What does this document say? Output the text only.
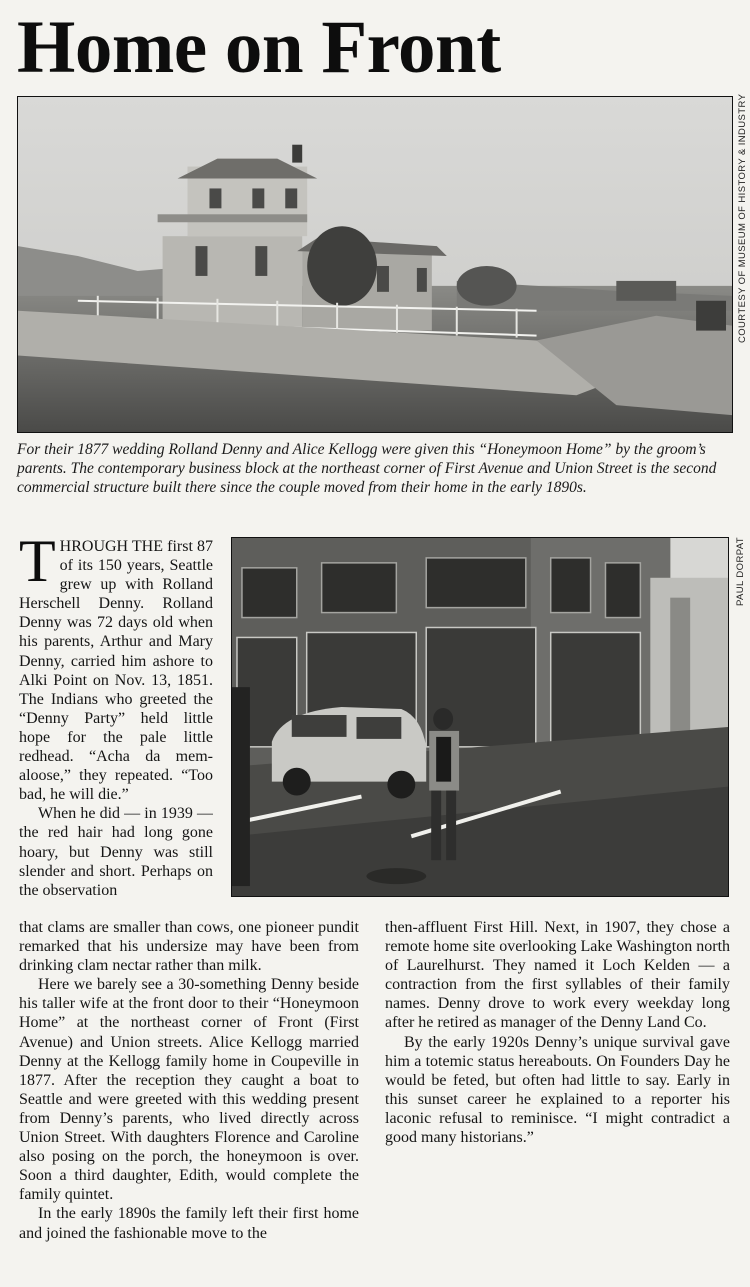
Home on Front
COURTESY OF MUSEUM OF HISTORY & INDUSTRY
For their 1877 wedding Rolland Denny and Alice Kellogg were given this “Honeymoon Home” by the groom’s parents. The contemporary business block at the northeast corner of First Avenue and Union Street is the second commercial structure built there since the couple moved from their home in the early 1890s.
PAUL DORPAT

THROUGH THE first 87 of its 150 years, Seattle grew up with Rolland Herschell Denny. Rolland Denny was 72 days old when his parents, Arthur and Mary Denny, carried him ashore to Alki Point on Nov. 13, 1851. The Indians who greeted the “Denny Party” held little hope for the pale little redhead. “Acha da mem-aloose,” they repeated. “Too bad, he will die.”

When he did — in 1939 — the red hair had long gone hoary, but Denny was still slender and short. Perhaps on the observation

that clams are smaller than cows, one pioneer pundit remarked that his undersize may have been from drinking clam nectar rather than milk.

Here we barely see a 30-something Denny beside his taller wife at the front door to their “Honeymoon Home” at the northeast corner of Front (First Avenue) and Union streets. Alice Kellogg married Denny at the Kellogg family home in Coupeville in 1877. After the reception they caught a boat to Seattle and were greeted with this wedding present from Denny’s parents, who lived directly across Union Street. With daughters Florence and Caroline also posing on the porch, the honeymoon is over. Soon a third daughter, Edith, would complete the family quintet.

In the early 1890s the family left their first home and joined the fashionable move to the

then-affluent First Hill. Next, in 1907, they chose a remote home site overlooking Lake Washington north of Laurelhurst. They named it Loch Kelden — a contraction from the first syllables of their family names. Denny drove to work every weekday long after he retired as manager of the Denny Land Co.

By the early 1920s Denny’s unique survival gave him a totemic status hereabouts. On Founders Day he would be feted, but often had little to say. Early in this sunset career he explained to a reporter his laconic refusal to reminisce. “I might contradict a good many historians.”
